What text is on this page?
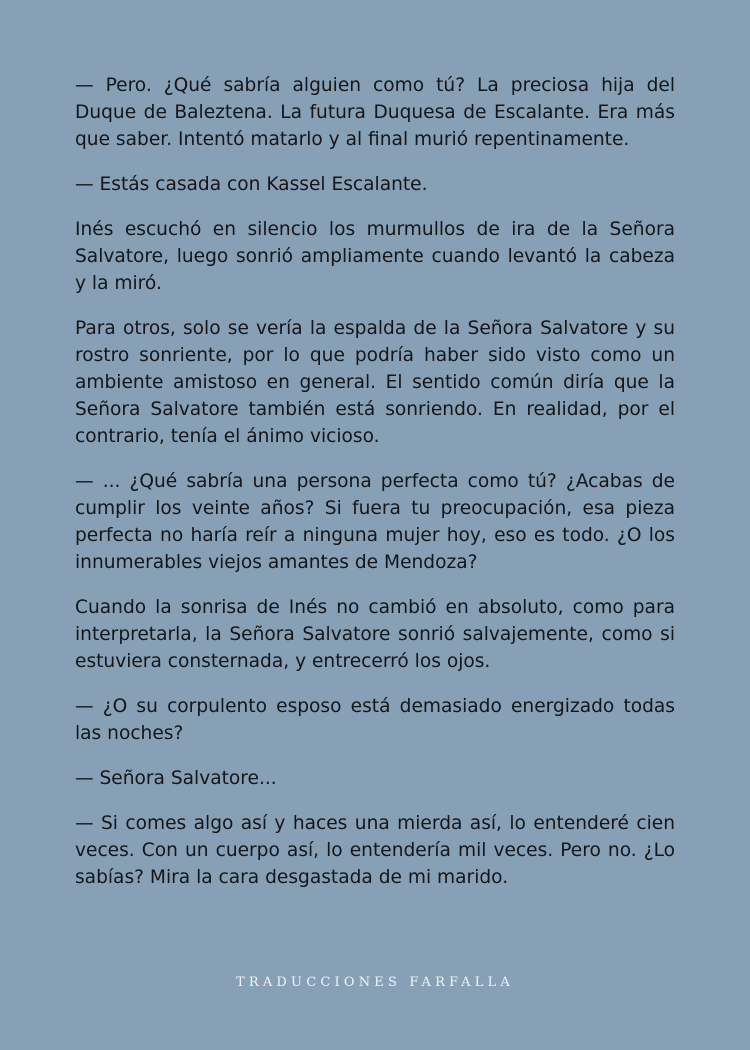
— Pero. ¿Qué sabría alguien como tú? La preciosa hija del Duque de Baleztena. La futura Duquesa de Escalante. Era más que saber. Intentó matarlo y al final murió repentinamente.

— Estás casada con Kassel Escalante.

Inés escuchó en silencio los murmullos de ira de la Señora Salvatore, luego sonrió ampliamente cuando levantó la cabeza y la miró.

Para otros, solo se vería la espalda de la Señora Salvatore y su rostro sonriente, por lo que podría haber sido visto como un ambiente amistoso en general. El sentido común diría que la Señora Salvatore también está sonriendo. En realidad, por el contrario, tenía el ánimo vicioso.

— ... ¿Qué sabría una persona perfecta como tú? ¿Acabas de cumplir los veinte años? Si fuera tu preocupación, esa pieza perfecta no haría reír a ninguna mujer hoy, eso es todo. ¿O los innumerables viejos amantes de Mendoza?

Cuando la sonrisa de Inés no cambió en absoluto, como para interpretarla, la Señora Salvatore sonrió salvajemente, como si estuviera consternada, y entrecerró los ojos.

— ¿O su corpulento esposo está demasiado energizado todas las noches?

— Señora Salvatore...

— Si comes algo así y haces una mierda así, lo entenderé cien veces. Con un cuerpo así, lo entendería mil veces. Pero no. ¿Lo sabías? Mira la cara desgastada de mi marido.

TRADUCCIONES FARFALLA
